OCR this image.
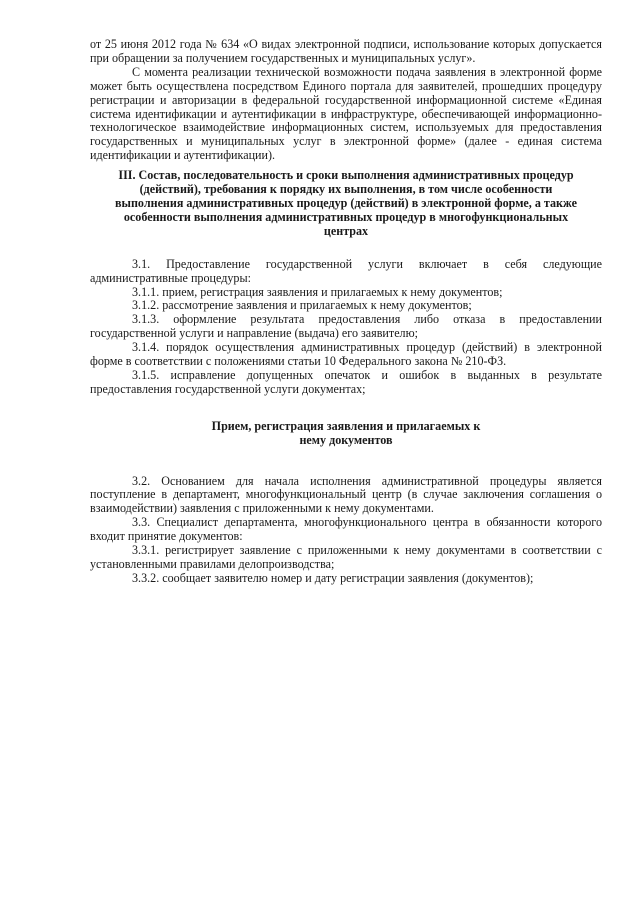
от 25 июня 2012 года № 634 «О видах электронной подписи, использование которых допускается при обращении за получением государственных и муниципальных услуг».

С момента реализации технической возможности подача заявления в электронной форме может быть осуществлена посредством Единого портала для заявителей, прошедших процедуру регистрации и авторизации в федеральной государственной информационной системе «Единая система идентификации и аутентификации в инфраструктуре, обеспечивающей информационно-технологическое взаимодействие информационных систем, используемых для предоставления государственных и муниципальных услуг в электронной форме» (далее - единая система идентификации и аутентификации).

III. Состав, последовательность и сроки выполнения административных процедур (действий), требования к порядку их выполнения, в том числе особенности выполнения административных процедур (действий) в электронной форме, а также особенности выполнения административных процедур в многофункциональных центрах

3.1. Предоставление государственной услуги включает в себя следующие административные процедуры:

3.1.1. прием, регистрация заявления и прилагаемых к нему документов;

3.1.2. рассмотрение заявления и прилагаемых к нему документов;

3.1.3. оформление результата предоставления либо отказа в предоставлении государственной услуги и направление (выдача) его заявителю;

3.1.4. порядок осуществления административных процедур (действий) в электронной форме в соответствии с положениями статьи 10 Федерального закона № 210-ФЗ.

3.1.5. исправление допущенных опечаток и ошибок в выданных в результате предоставления государственной услуги документах;

Прием, регистрация заявления и прилагаемых к нему документов

3.2. Основанием для начала исполнения административной процедуры является поступление в департамент, многофункциональный центр (в случае заключения соглашения о взаимодействии) заявления с приложенными к нему документами.

3.3. Специалист департамента, многофункционального центра в обязанности которого входит принятие документов:

3.3.1. регистрирует заявление с приложенными к нему документами в соответствии с установленными правилами делопроизводства;

3.3.2. сообщает заявителю номер и дату регистрации заявления (документов);
